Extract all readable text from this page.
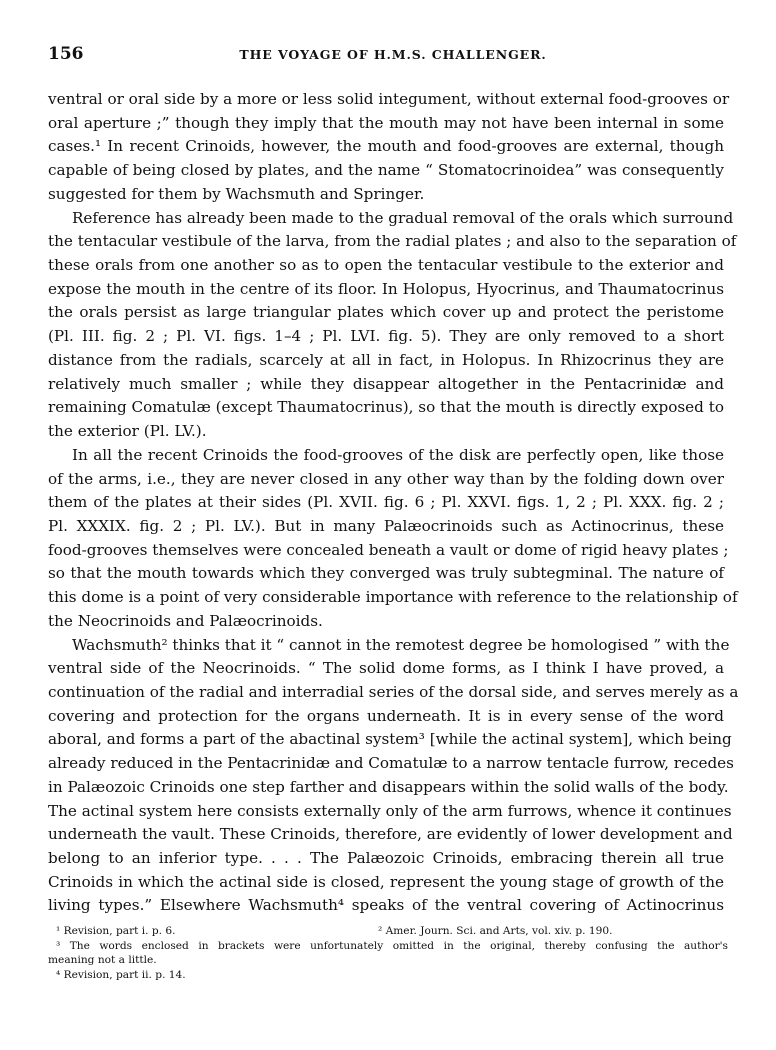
156	THE VOYAGE OF H.M.S. CHALLENGER.
ventral or oral side by a more or less solid integument, without external food-grooves or
oral aperture ;” though they imply that the mouth may not have been internal in some
cases.¹ In recent Crinoids, however, the mouth and food-grooves are external, though
capable of being closed by plates, and the name “ Stomatocrinoidea” was consequently
suggested for them by Wachsmuth and Springer.
Reference has already been made to the gradual removal of the orals which surround
the tentacular vestibule of the larva, from the radial plates ; and also to the separation of
these orals from one another so as to open the tentacular vestibule to the exterior and
expose the mouth in the centre of its floor. In Holopus, Hyocrinus, and Thaumatocrinus
the orals persist as large triangular plates which cover up and protect the peristome
(Pl. III. fig. 2 ; Pl. VI. figs. 1–4 ; Pl. LVI. fig. 5). They are only removed to a short
distance from the radials, scarcely at all in fact, in Holopus. In Rhizocrinus they are
relatively much smaller ; while they disappear altogether in the Pentacrinidæ and
remaining Comatulæ (except Thaumatocrinus), so that the mouth is directly exposed to
the exterior (Pl. LV.).
In all the recent Crinoids the food-grooves of the disk are perfectly open, like those
of the arms, i.e., they are never closed in any other way than by the folding down over
them of the plates at their sides (Pl. XVII. fig. 6 ; Pl. XXVI. figs. 1, 2 ; Pl. XXX. fig. 2 ;
Pl. XXXIX. fig. 2 ; Pl. LV.). But in many Palæocrinoids such as Actinocrinus, these
food-grooves themselves were concealed beneath a vault or dome of rigid heavy plates ;
so that the mouth towards which they converged was truly subtegminal. The nature of
this dome is a point of very considerable importance with reference to the relationship of
the Neocrinoids and Palæocrinoids.
Wachsmuth² thinks that it “ cannot in the remotest degree be homologised ” with the
ventral side of the Neocrinoids. “ The solid dome forms, as I think I have proved, a
continuation of the radial and interradial series of the dorsal side, and serves merely as a
covering and protection for the organs underneath. It is in every sense of the word
aboral, and forms a part of the abactinal system³ [while the actinal system], which being
already reduced in the Pentacrinidæ and Comatulæ to a narrow tentacle furrow, recedes
in Palæozoic Crinoids one step farther and disappears within the solid walls of the body.
The actinal system here consists externally only of the arm furrows, whence it continues
underneath the vault. These Crinoids, therefore, are evidently of lower development and
belong to an inferior type. . . . The Palæozoic Crinoids, embracing therein all true
Crinoids in which the actinal side is closed, represent the young stage of growth of the
living types.” Elsewhere Wachsmuth⁴ speaks of the ventral covering of Actinocrinus
¹ Revision, part i. p. 6.	² Amer. Journ. Sci. and Arts, vol. xiv. p. 190.
³ The words enclosed in brackets were unfortunately omitted in the original, thereby confusing the author's
meaning not a little.
⁴ Revision, part ii. p. 14.
